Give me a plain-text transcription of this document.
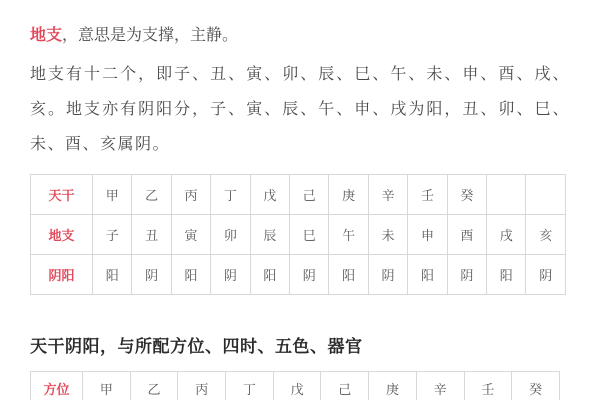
地支，意思是为支撑，主静。

地支有十二个，即子、丑、寅、卯、辰、巳、午、未、申、酉、戌、亥。地支亦有阴阳分，子、寅、辰、午、申、戌为阳，丑、卯、巳、未、酉、亥属阴。

天干	甲	乙	丙	丁	戊	己	庚	辛	壬	癸		
地支	子	丑	寅	卯	辰	巳	午	未	申	酉	戌	亥
阴阳	阳	阴	阳	阴	阳	阴	阳	阴	阳	阴	阳	阴
天干阴阳，与所配方位、四时、五色、器官
方位	甲	乙	丙	丁	戊	己	庚	辛	壬	癸
